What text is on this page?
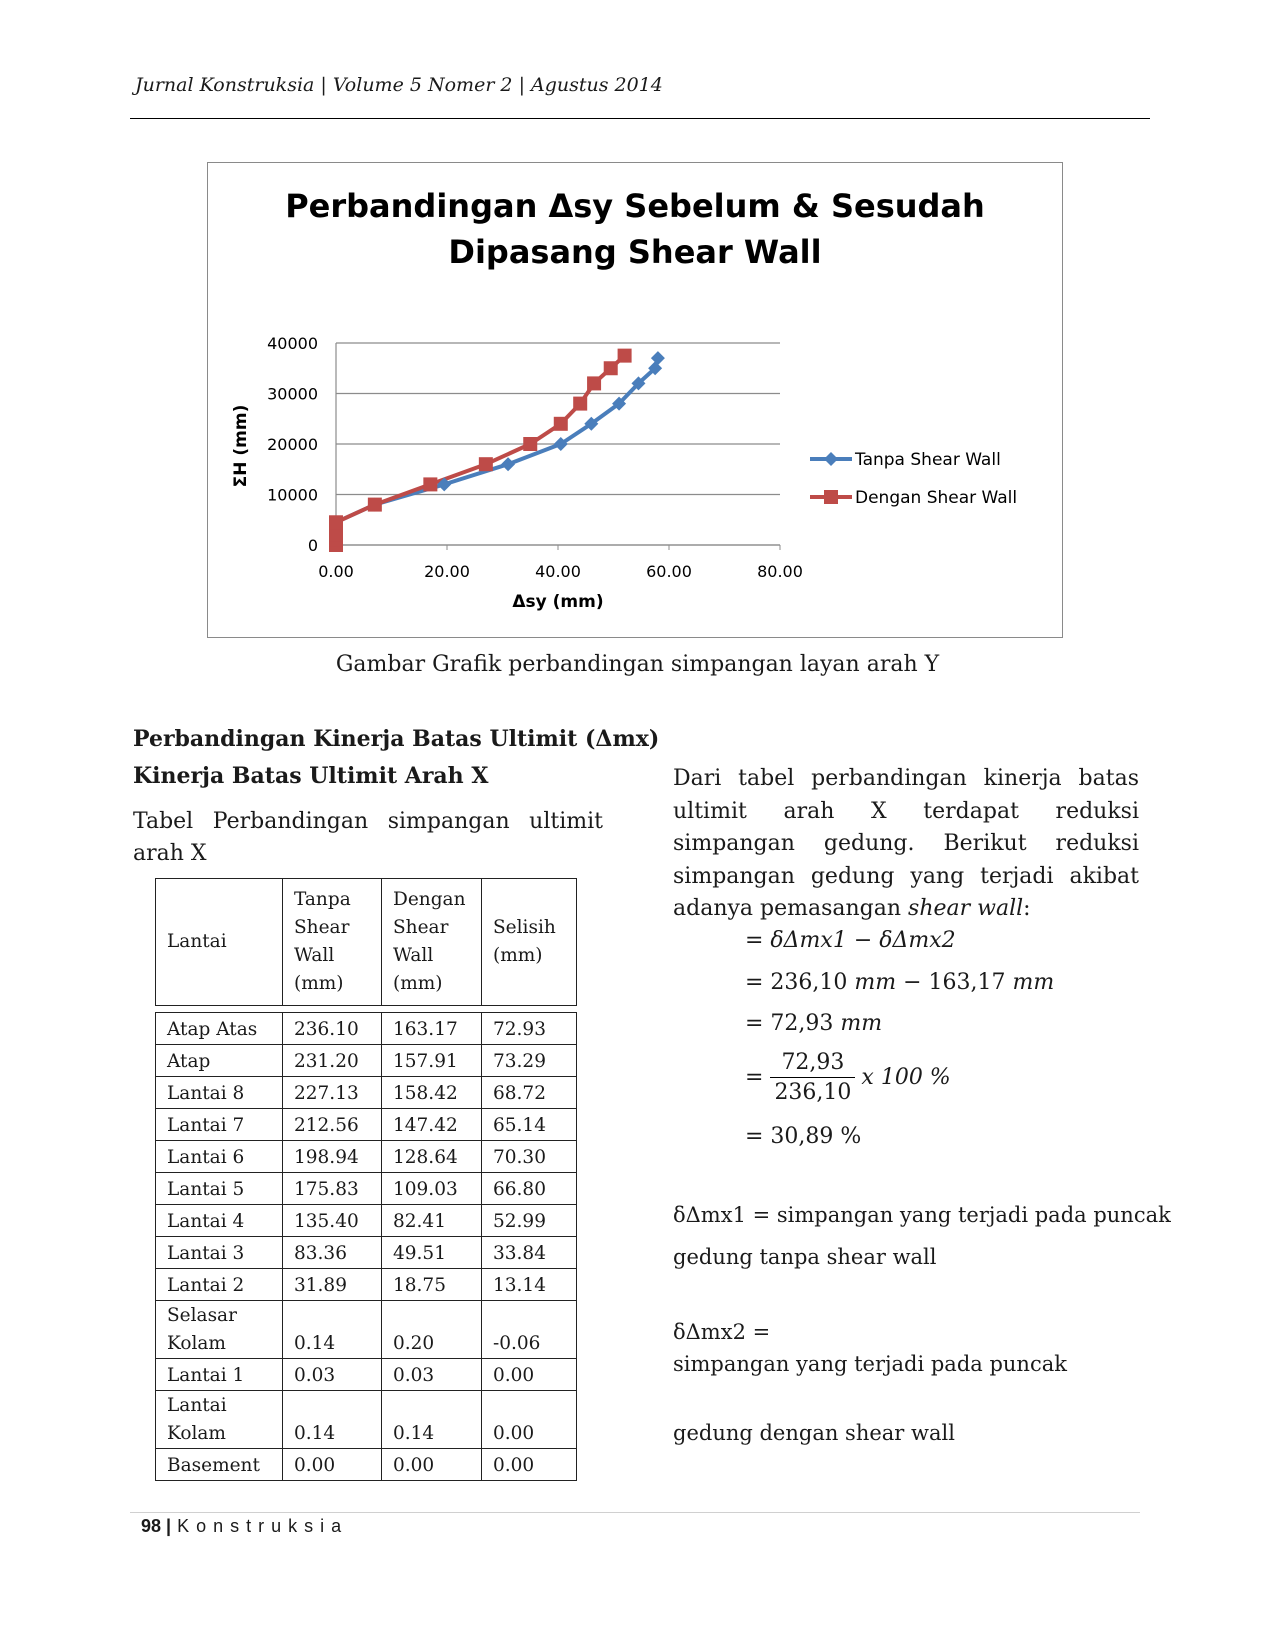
Jurnal Konstruksia | Volume 5 Nomer 2 | Agustus 2014
Perbandingan Δsy Sebelum & Sesudah
Dipasang Shear Wall
0
10000
20000
30000
40000
0.00	20.00	40.00	60.00	80.00
Δsy (mm)
ΣH (mm)	Tanpa Shear Wall
Dengan Shear Wall
Gambar Grafik perbandingan simpangan layan arah Y
Perbandingan Kinerja Batas Ultimit (Δmx)
Kinerja Batas Ultimit Arah X
Tabel Perbandingan simpangan ultimit arah X
Lantai	Tanpa Shear Wall (mm)	Dengan Shear Wall (mm)	Selisih (mm)

Atap Atas	236.10	163.17	72.93
Atap	231.20	157.91	73.29
Lantai 8	227.13	158.42	68.72
Lantai 7	212.56	147.42	65.14
Lantai 6	198.94	128.64	70.30
Lantai 5	175.83	109.03	66.80
Lantai 4	135.40	82.41	52.99
Lantai 3	83.36	49.51	33.84
Lantai 2	31.89	18.75	13.14
Selasar Kolam	0.14	0.20	-0.06
Lantai 1	0.03	0.03	0.00
Lantai Kolam	0.14	0.14	0.00
Basement	0.00	0.00	0.00
Dari tabel perbandingan kinerja batas ultimit arah X terdapat reduksi simpangan gedung. Berikut reduksi simpangan gedung yang terjadi akibat adanya pemasangan shear wall:
= δΔmx1 − δΔmx2
= 236,10 mm − 163,17 mm
= 72,93 mm
= $\frac{72,93}{236,10}$ x 100 %
= 30,89 %
δΔmx1 = simpangan yang terjadi pada puncak
gedung tanpa shear wall
δΔmx2 =
simpangan yang terjadi pada puncak
gedung dengan shear wall
98 | Konstruksia
